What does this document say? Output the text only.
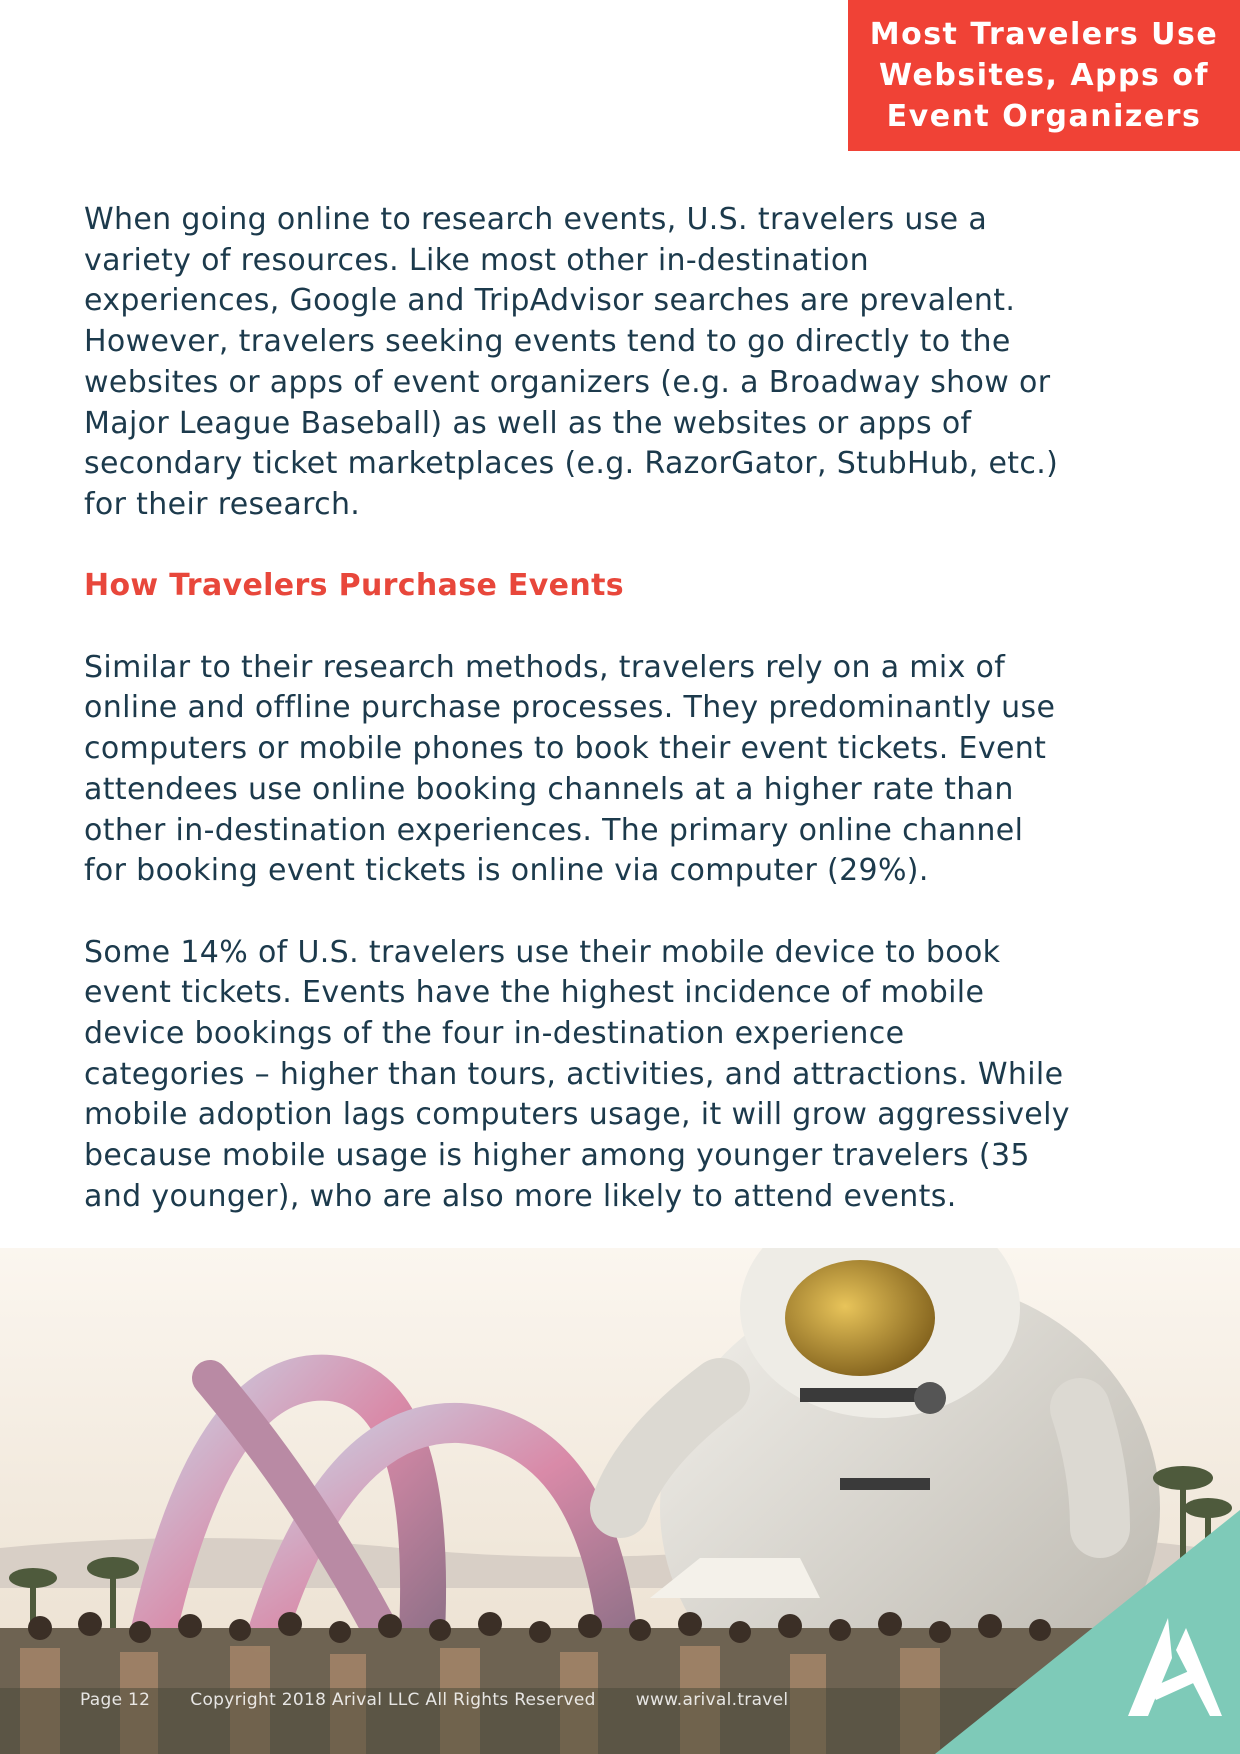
Most Travelers Use
Websites, Apps of
Event Organizers

When going online to research events, U.S. travelers use a
variety of resources. Like most other in-destination
experiences, Google and TripAdvisor searches are prevalent.
However, travelers seeking events tend to go directly to the
websites or apps of event organizers (e.g. a Broadway show or
Major League Baseball) as well as the websites or apps of
secondary ticket marketplaces (e.g. RazorGator, StubHub, etc.)
for their research.

How Travelers Purchase Events

Similar to their research methods, travelers rely on a mix of
online and offline purchase processes. They predominantly use
computers or mobile phones to book their event tickets. Event
attendees use online booking channels at a higher rate than
other in-destination experiences. The primary online channel
for booking event tickets is online via computer (29%).

Some 14% of U.S. travelers use their mobile device to book
event tickets. Events have the highest incidence of mobile
device bookings of the four in-destination experience
categories – higher than tours, activities, and attractions. While
mobile adoption lags computers usage, it will grow aggressively
because mobile usage is higher among younger travelers (35
and younger), who are also more likely to attend events.

Page 12 Copyright 2018 Arival LLC All Rights Reserved www.arival.travel
